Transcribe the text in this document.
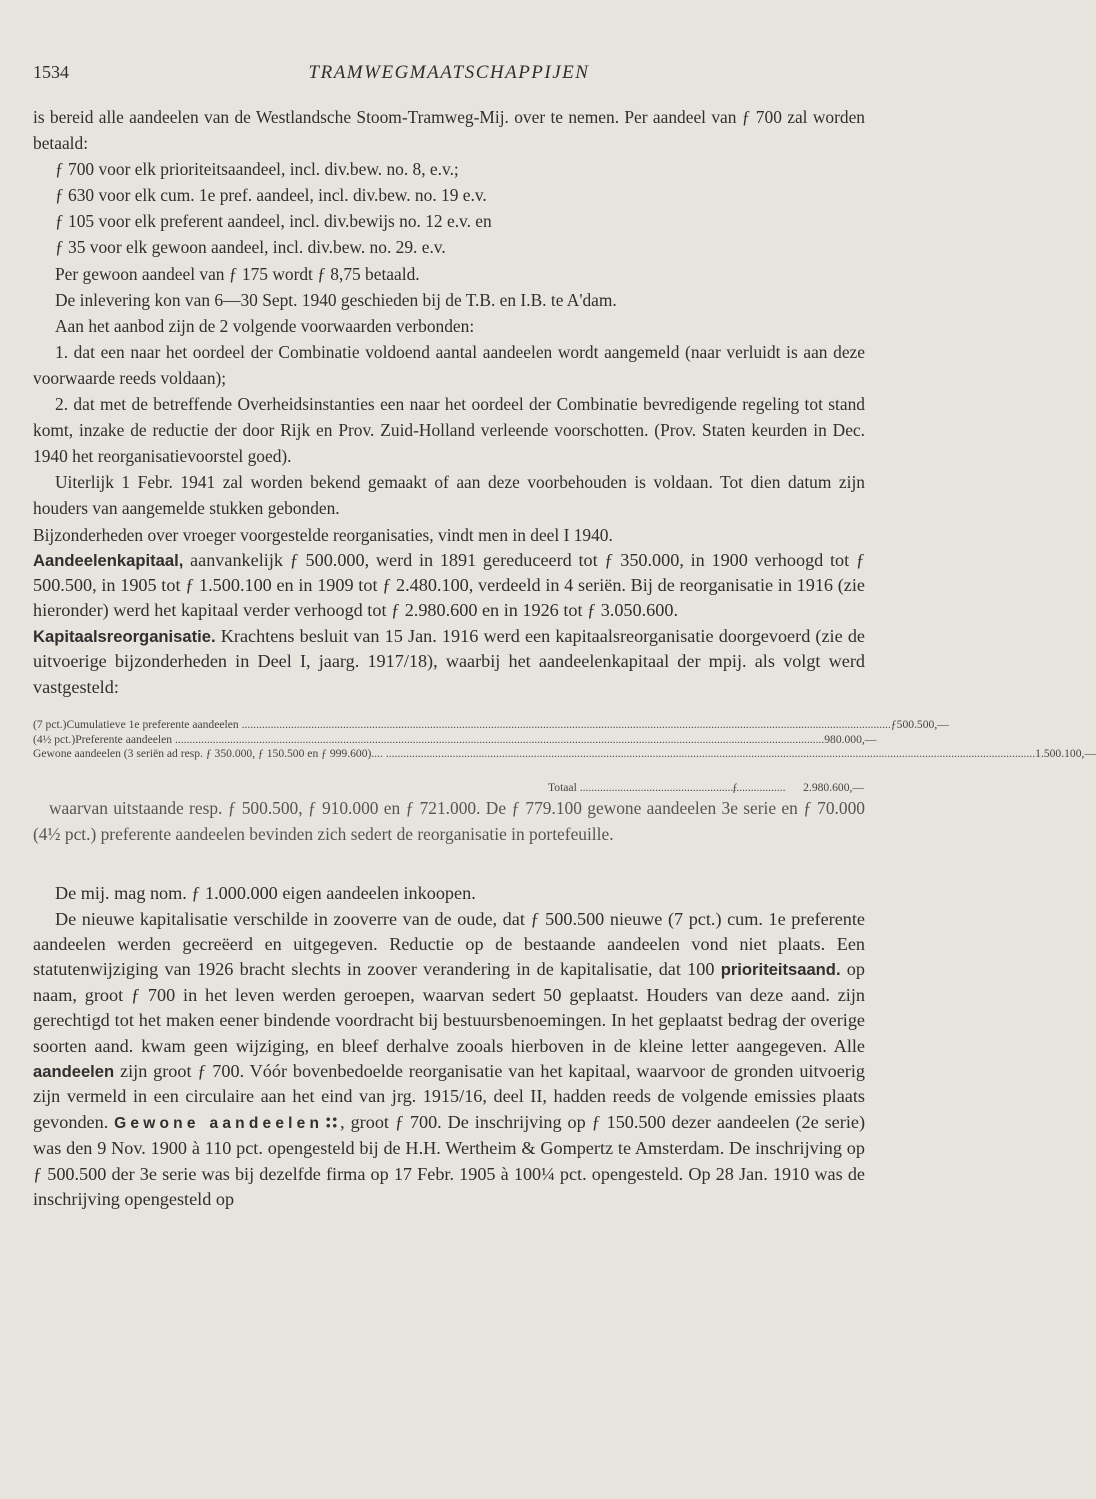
1534	TRAMWEGMAATSCHAPPIJEN

is bereid alle aandeelen van de Westlandsche Stoom-Tramweg-Mij. over te nemen. Per aandeel van ƒ 700 zal worden betaald:

ƒ 700 voor elk prioriteitsaandeel, incl. div.bew. no. 8, e.v.;

ƒ 630 voor elk cum. 1e pref. aandeel, incl. div.bew. no. 19 e.v.

ƒ 105 voor elk preferent aandeel, incl. div.bewijs no. 12 e.v. en

ƒ 35 voor elk gewoon aandeel, incl. div.bew. no. 29. e.v.

Per gewoon aandeel van ƒ 175 wordt ƒ 8,75 betaald.

De inlevering kon van 6—30 Sept. 1940 geschieden bij de T.B. en I.B. te A'dam.

Aan het aanbod zijn de 2 volgende voorwaarden verbonden:

1. dat een naar het oordeel der Combinatie voldoend aantal aandeelen wordt aangemeld (naar verluidt is aan deze voorwaarde reeds voldaan);

2. dat met de betreffende Overheidsinstanties een naar het oordeel der Combinatie bevredigende regeling tot stand komt, inzake de reductie der door Rijk en Prov. Zuid-Holland verleende voorschotten. (Prov. Staten keurden in Dec. 1940 het reorganisatievoorstel goed).

Uiterlijk 1 Febr. 1941 zal worden bekend gemaakt of aan deze voorbehouden is voldaan. Tot dien datum zijn houders van aangemelde stukken gebonden.

Bijzonderheden over vroeger voorgestelde reorganisaties, vindt men in deel I 1940.

Aandeelenkapitaal, aanvankelijk ƒ 500.000, werd in 1891 gereduceerd tot ƒ 350.000, in 1900 verhoogd tot ƒ 500.500, in 1905 tot ƒ 1.500.100 en in 1909 tot ƒ 2.480.100, verdeeld in 4 seriën. Bij de reorganisatie in 1916 (zie hieronder) werd het kapitaal verder verhoogd tot ƒ 2.980.600 en in 1926 tot ƒ 3.050.600.

Kapitaalsreorganisatie. Krachtens besluit van 15 Jan. 1916 werd een kapitaalsreorganisatie doorgevoerd (zie de uitvoerige bijzonderheden in Deel I, jaarg. 1917/18), waarbij het aandeelenkapitaal der mpij. als volgt werd vastgesteld:

(7 pct.) Cumulatieve 1e preferente aandeelen .....	ƒ 500.500,—
(4½ pct.) Preferente aandeelen .....	980.000,—
Gewone aandeelen (3 seriën ad resp. ƒ 350.000, ƒ 150.500 en ƒ 999.600).... .....	1.500.100,—
Totaal .....	ƒ	2.980.600,—

waarvan uitstaande resp. ƒ 500.500, ƒ 910.000 en ƒ 721.000. De ƒ 779.100 gewone aandeelen 3e serie en ƒ 70.000 (4½ pct.) preferente aandeelen bevinden zich sedert de reorganisatie in portefeuille.

De mij. mag nom. ƒ 1.000.000 eigen aandeelen inkoopen.

De nieuwe kapitalisatie verschilde in zooverre van de oude, dat ƒ 500.500 nieuwe (7 pct.) cum. 1e preferente aandeelen werden gecreëerd en uitgegeven. Reductie op de bestaande aandeelen vond niet plaats. Een statutenwijziging van 1926 bracht slechts in zoover verandering in de kapitalisatie, dat 100 prioriteitsaand. op naam, groot ƒ 700 in het leven werden geroepen, waarvan sedert 50 geplaatst. Houders van deze aand. zijn gerechtigd tot het maken eener bindende voordracht bij bestuursbenoemingen. In het geplaatst bedrag der overige soorten aand. kwam geen wijziging, en bleef derhalve zooals hierboven in de kleine letter aangegeven. Alle aandeelen zijn groot ƒ 700. Vóór bovenbedoelde reorganisatie van het kapitaal, waarvoor de gronden uitvoerig zijn vermeld in een circulaire aan het eind van jrg. 1915/16, deel II, hadden reeds de volgende emissies plaats gevonden. Gewone aandeelen , groot ƒ 700. De inschrijving op ƒ 150.500 dezer aandeelen (2e serie) was den 9 Nov. 1900 à 110 pct. opengesteld bij de H.H. Wertheim & Gompertz te Amsterdam. De inschrijving op ƒ 500.500 der 3e serie was bij dezelfde firma op 17 Febr. 1905 à 100¼ pct. opengesteld. Op 28 Jan. 1910 was de inschrijving opengesteld op
